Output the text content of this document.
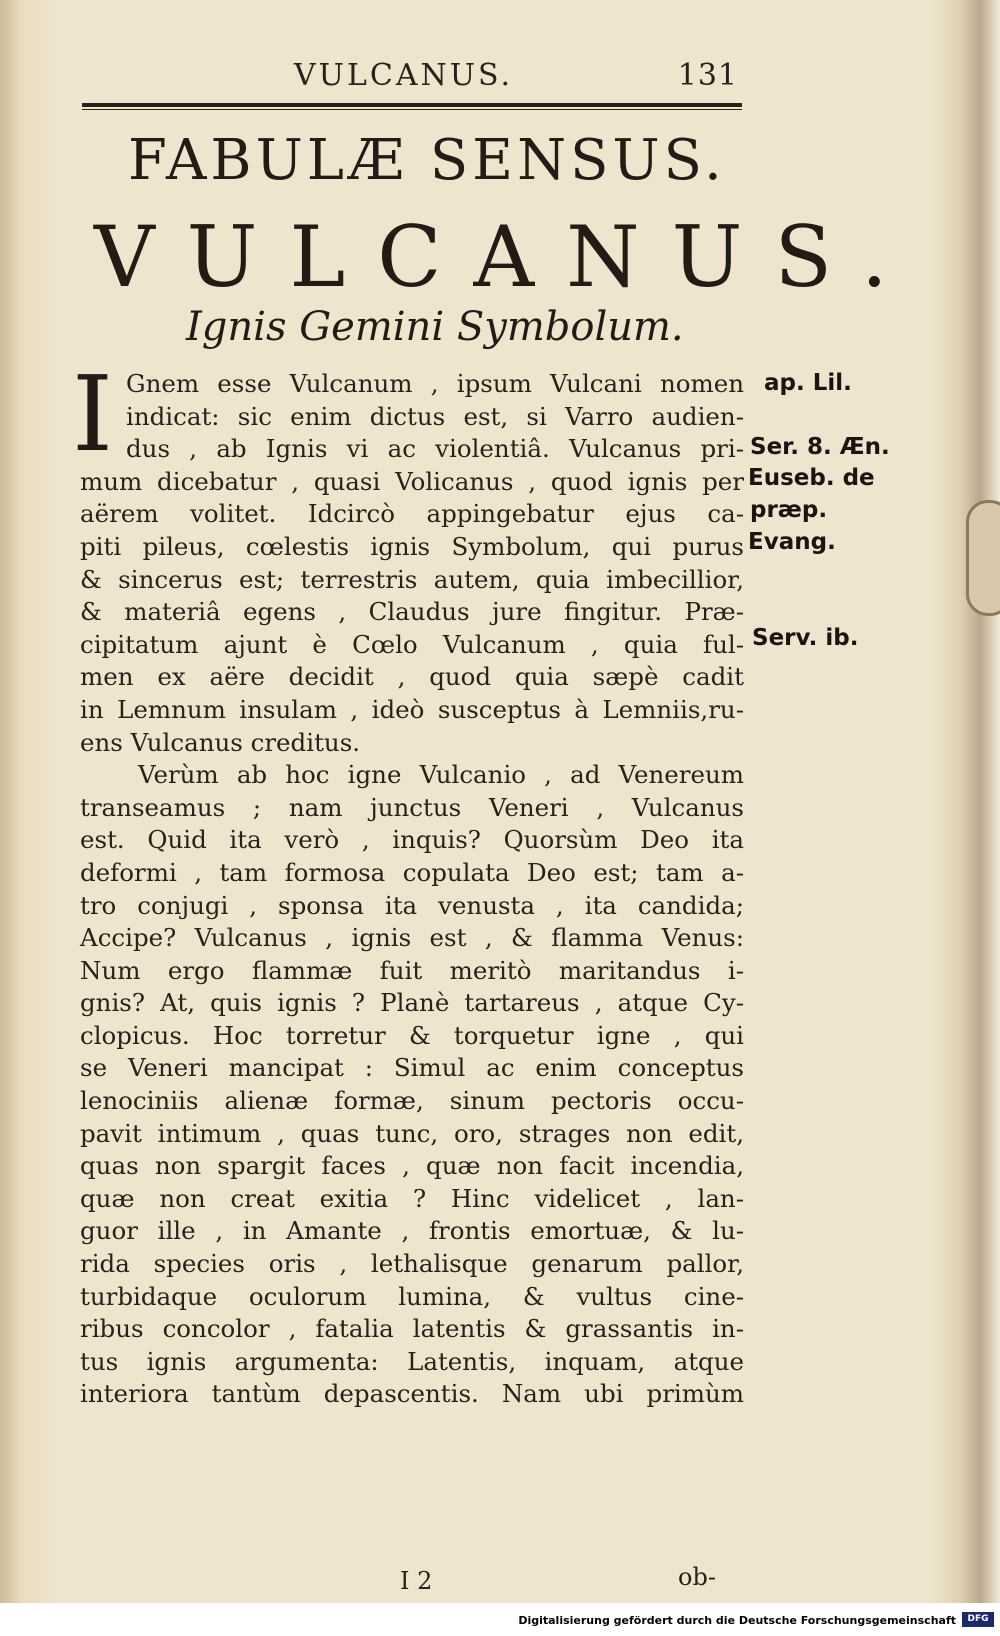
VULCANUS.	131
FABULÆ SENSUS.
VULCANUS.
Ignis Gemini Symbolum.
I Gnem esse Vulcanum , ipsum Vulcani nomen
indicat: sic enim dictus est, si Varro audien-
dus , ab Ignis vi ac violentiâ. Vulcanus pri-
mum dicebatur , quasi Volicanus , quod ignis per
aërem volitet. Idcircò appingebatur ejus ca-
piti pileus, cœlestis ignis Symbolum, qui purus
& sincerus est; terrestris autem, quia imbecillior,
& materiâ egens , Claudus jure fingitur. Præ-
cipitatum ajunt è Cœlo Vulcanum , quia ful-
men ex aëre decidit , quod quia sæpè cadit
in Lemnum insulam , ideò susceptus à Lemniis,ru-
ens Vulcanus creditus.
Verùm ab hoc igne Vulcanio , ad Venereum
transeamus ; nam junctus Veneri , Vulcanus
est. Quid ita verò , inquis? Quorsùm Deo ita
deformi , tam formosa copulata Deo est; tam a-
tro conjugi , sponsa ita venusta , ita candida;
Accipe? Vulcanus , ignis est , & flamma Venus:
Num ergo flammæ fuit meritò maritandus i-
gnis? At, quis ignis ? Planè tartareus , atque Cy-
clopicus. Hoc torretur & torquetur igne , qui
se Veneri mancipat : Simul ac enim conceptus
lenociniis alienæ formæ, sinum pectoris occu-
pavit intimum , quas tunc, oro, strages non edit,
quas non spargit faces , quæ non facit incendia,
quæ non creat exitia ? Hinc videlicet , lan-
guor ille , in Amante , frontis emortuæ, & lu-
rida species oris , lethalisque genarum pallor,
turbidaque oculorum lumina, & vultus cine-
ribus concolor , fatalia latentis & grassantis in-
tus ignis argumenta: Latentis, inquam, atque
interiora tantùm depascentis. Nam ubi primùm
ap. Lil.
Ser. 8. Æn.
Euseb. de
præp.
Evang.
Serv. ib.
I 2	ob-
Digitalisierung gefördert durch die Deutsche Forschungsgemeinschaft	DFG
